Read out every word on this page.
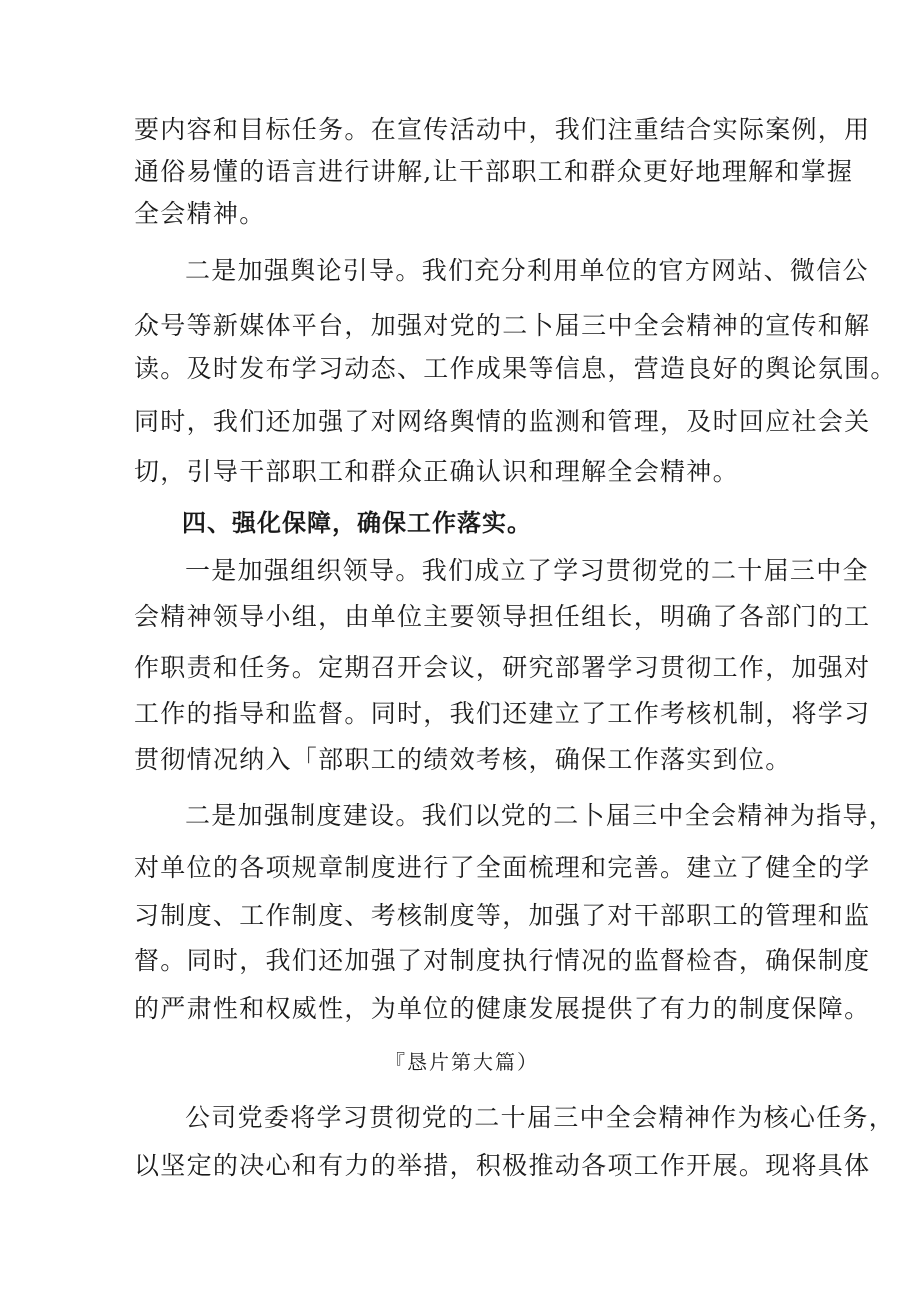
要内容和目标任务。在宣传活动中，我们注重结合实际案例，用
通俗易懂的语言进行讲解,让干部职工和群众更好地理解和掌握
全会精神。
二是加强舆论引导。我们充分利用单位的官方网站、微信公
众号等新媒体平台，加强对党的二卜届三中全会精神的宣传和解
读。及时发布学习动态、工作成果等信息，营造良好的舆论氛围。
同时，我们还加强了对网络舆情的监测和管理，及时回应社会关
切，引导干部职工和群众正确认识和理解全会精神。
四、强化保障，确保工作落实。
一是加强组织领导。我们成立了学习贯彻党的二十届三中全
会精神领导小组，由单位主要领导担任组长，明确了各部门的工
作职责和任务。定期召开会议，研究部署学习贯彻工作，加强对
工作的指导和监督。同时，我们还建立了工作考核机制，将学习
贯彻情况纳入「部职工的绩效考核，确保工作落实到位。
二是加强制度建设。我们以党的二卜届三中全会精神为指导，
对单位的各项规章制度进行了全面梳理和完善。建立了健全的学
习制度、工作制度、考核制度等，加强了对干部职工的管理和监
督。同时，我们还加强了对制度执行情况的监督检杳，确保制度
的严肃性和权威性，为单位的健康发展提供了有力的制度保障。
『恳片第大篇）
公司党委将学习贯彻党的二十届三中全会精神作为核心任务，
以坚定的决心和有力的举措，积极推动各项工作开展。现将具体
